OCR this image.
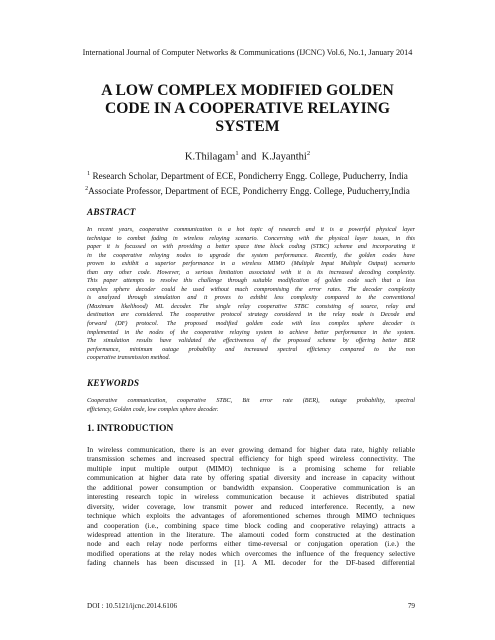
International Journal of Computer Networks & Communications (IJCNC) Vol.6, No.1, January 2014
A LOW COMPLEX MODIFIED GOLDEN
CODE IN A COOPERATIVE RELAYING
SYSTEM
K.Thilagam$^1$ and K.Jayanthi$^2$
$^1$ Research Scholar, Department of ECE, Pondicherry Engg. College, Puducherry, India
$^2$Associate Professor, Department of ECE, Pondicherry Engg. College, Puducherry,India
ABSTRACT
In recent years, cooperative communication is a hot topic of research and it is a powerful physical layer
technique to combat fading in wireless relaying scenario. Concerning with the physical layer issues, in this
paper it is focussed on with providing a better space time block coding (STBC) scheme and incorporating it
in the cooperative relaying nodes to upgrade the system performance. Recently, the golden codes have
proven to exhibit a superior performance in a wireless MIMO (Multiple Input Multiple Output) scenario
than any other code. However, a serious limitation associated with it is its increased decoding complexity.
This paper attempts to resolve this challenge through suitable modification of golden code such that a less
complex sphere decoder could be used without much compromising the error rates. The decoder complexity
is analyzed through simulation and it proves to exhibit less complexity compared to the conventional
(Maximum likelihood) ML decoder. The single relay cooperative STBC consisting of source, relay and
destination are considered. The cooperative protocol strategy considered in the relay node is Decode and
forward (DF) protocol. The proposed modified golden code with less complex sphere decoder is
implemented in the nodes of the cooperative relaying system to achieve better performance in the system.
The simulation results have validated the effectiveness of the proposed scheme by offering better BER
performance, minimum outage probability and increased spectral efficiency compared to the non
cooperative transmission method.
KEYWORDS
Cooperative communication, cooperative STBC, Bit error rate (BER), outage probability, spectral
efficiency, Golden code, low complex sphere decoder.
1. INTRODUCTION
In wireless communication, there is an ever growing demand for higher data rate, highly reliable
transmission schemes and increased spectral efficiency for high speed wireless connectivity. The
multiple input multiple output (MIMO) technique is a promising scheme for reliable
communication at higher data rate by offering spatial diversity and increase in capacity without
the additional power consumption or bandwidth expansion. Cooperative communication is an
interesting research topic in wireless communication because it achieves distributed spatial
diversity, wider coverage, low transmit power and reduced interference. Recently, a new
technique which exploits the advantages of aforementioned schemes through MIMO techniques
and cooperation (i.e., combining space time block coding and cooperative relaying) attracts a
widespread attention in the literature. The alamouti coded form constructed at the destination
node and each relay node performs either time-reversal or conjugation operation (i.e.) the
modified operations at the relay nodes which overcomes the influence of the frequency selective
fading channels has been discussed in [1]. A ML decoder for the DF-based differential
DOI : 10.5121/ijcnc.2014.6106	79
